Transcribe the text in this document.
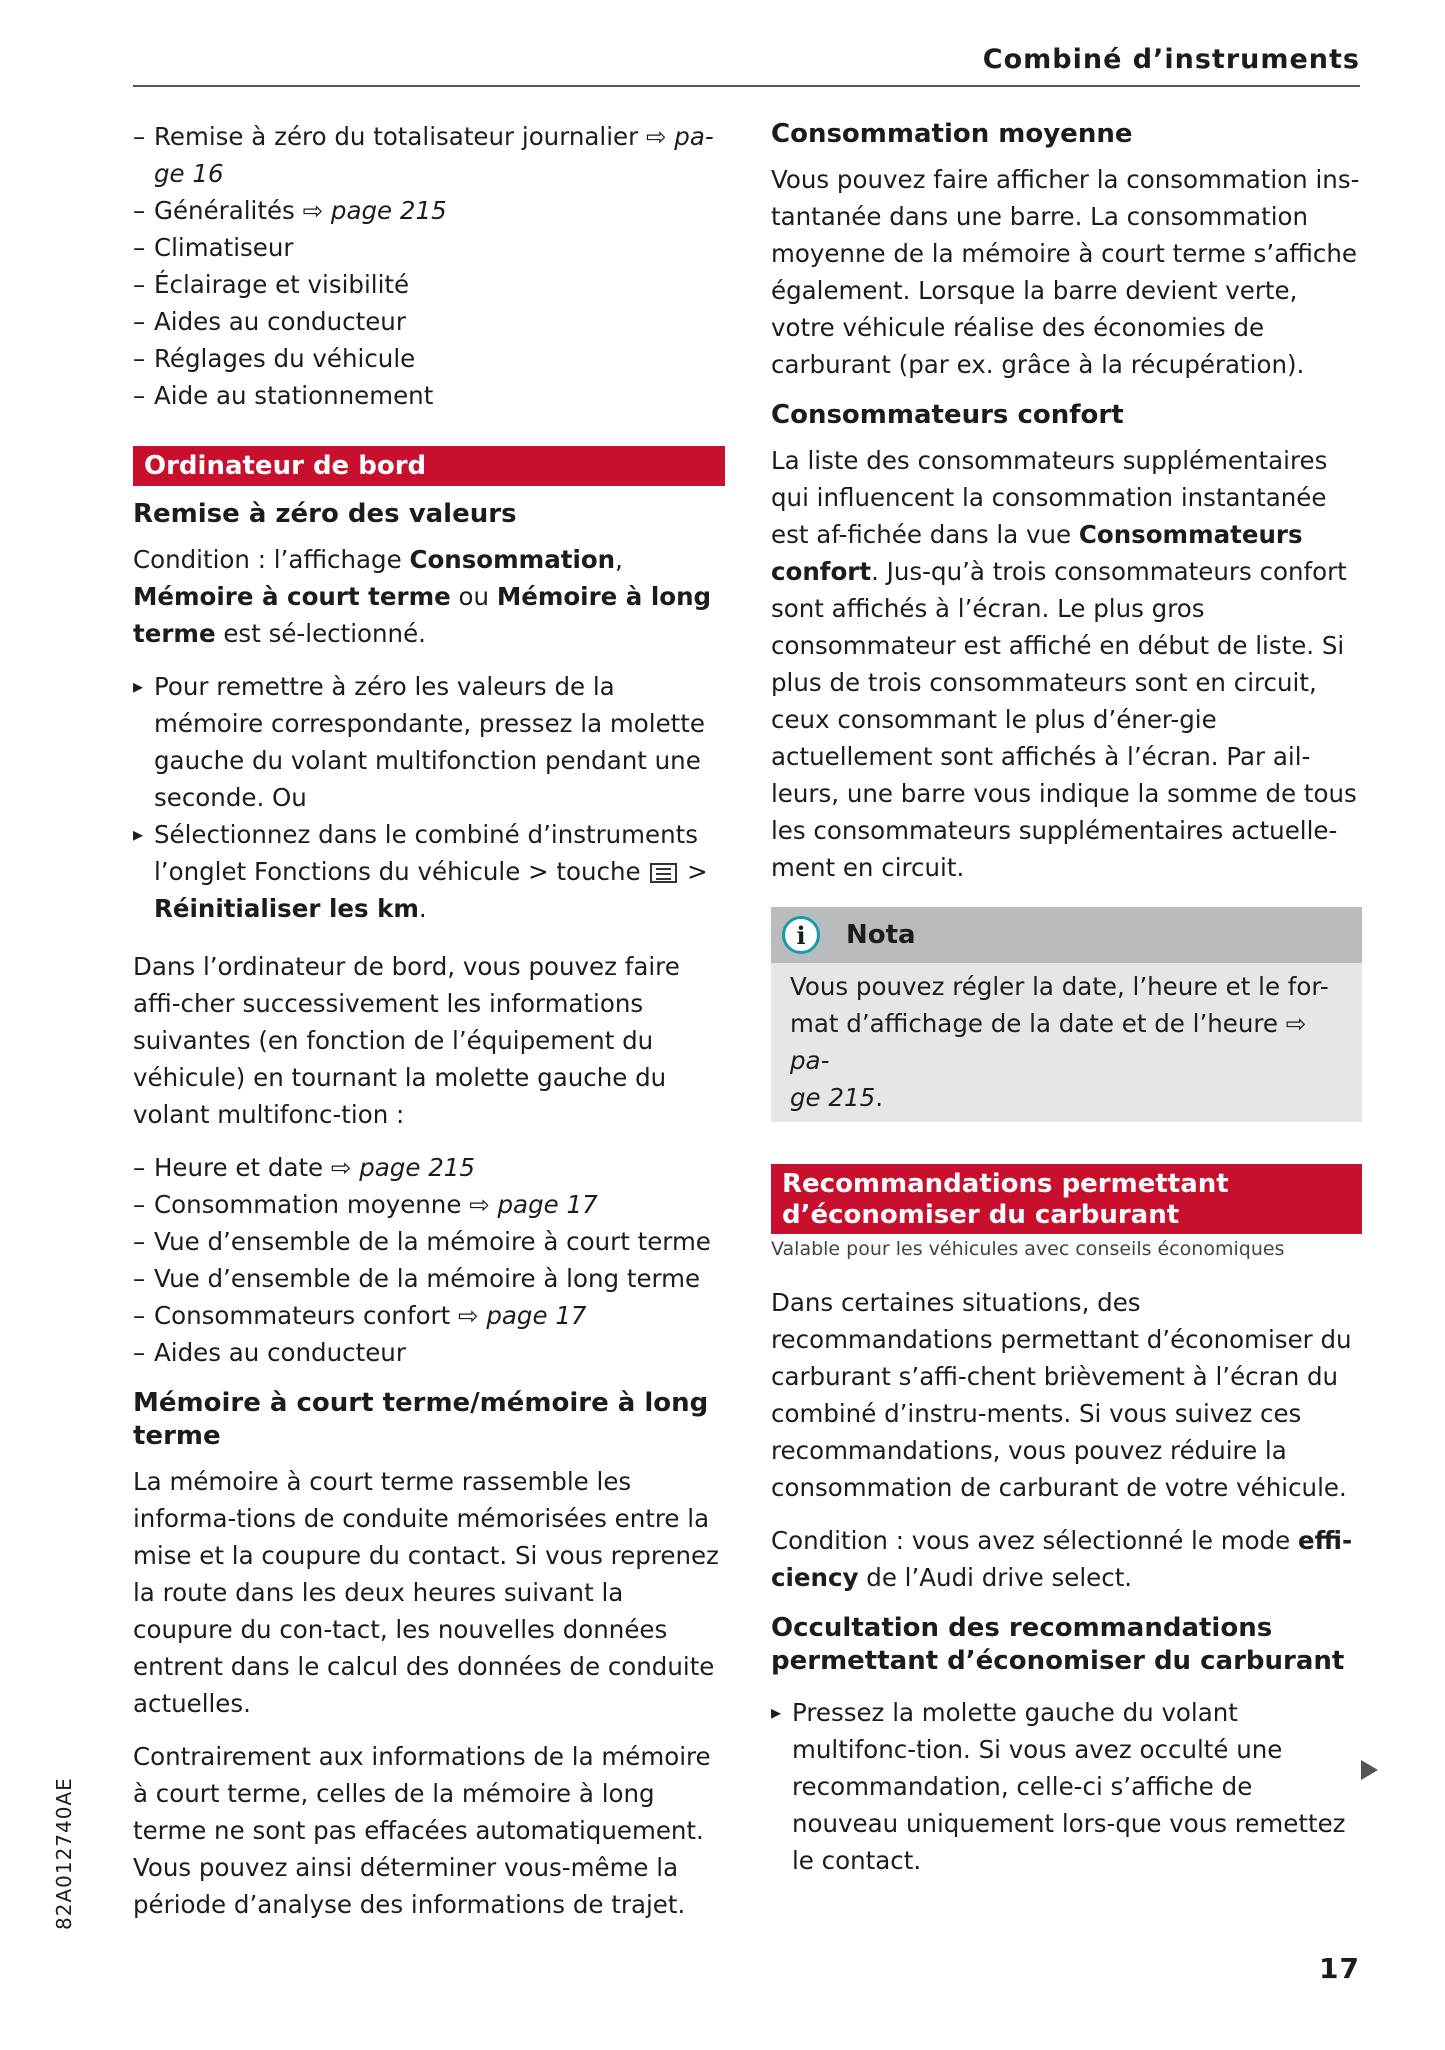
Combiné d’instruments
– Remise à zéro du totalisateur journalier ⇨ pa-
ge 16
– Généralités ⇨ page 215
– Climatiseur
– Éclairage et visibilité
– Aides au conducteur
– Réglages du véhicule
– Aide au stationnement
Ordinateur de bord
Remise à zéro des valeurs

Condition : l’affichage Consommation, Mémoire à court terme ou Mémoire à long terme est sé-lectionné.

▸ Pour remettre à zéro les valeurs de la mémoire correspondante, pressez la molette gauche du volant multifonction pendant une seconde. Ou
▸ Sélectionnez dans le combiné d’instruments l’onglet Fonctions du véhicule > touche  > Réinitialiser les km.

Dans l’ordinateur de bord, vous pouvez faire affi-cher successivement les informations suivantes (en fonction de l’équipement du véhicule) en tournant la molette gauche du volant multifonc-tion :

– Heure et date ⇨ page 215
– Consommation moyenne ⇨ page 17
– Vue d’ensemble de la mémoire à court terme
– Vue d’ensemble de la mémoire à long terme
– Consommateurs confort ⇨ page 17
– Aides au conducteur
Mémoire à court terme/mémoire à long terme

La mémoire à court terme rassemble les informa-tions de conduite mémorisées entre la mise et la coupure du contact. Si vous reprenez la route dans les deux heures suivant la coupure du con-tact, les nouvelles données entrent dans le calcul des données de conduite actuelles.

Contrairement aux informations de la mémoire à court terme, celles de la mémoire à long terme ne sont pas effacées automatiquement. Vous pouvez ainsi déterminer vous-même la période d’analyse des informations de trajet.

Consommation moyenne

Vous pouvez faire afficher la consommation ins-tantanée dans une barre. La consommation moyenne de la mémoire à court terme s’affiche également. Lorsque la barre devient verte, votre véhicule réalise des économies de carburant (par ex. grâce à la récupération).

Consommateurs confort

La liste des consommateurs supplémentaires qui influencent la consommation instantanée est af-fichée dans la vue Consommateurs confort. Jus-qu’à trois consommateurs confort sont affichés à l’écran. Le plus gros consommateur est affiché en début de liste. Si plus de trois consommateurs sont en circuit, ceux consommant le plus d’éner-gie actuellement sont affichés à l’écran. Par ail-leurs, une barre vous indique la somme de tous les consommateurs supplémentaires actuelle-ment en circuit.

i	Nota

Vous pouvez régler la date, l’heure et le for-mat d’affichage de la date et de l’heure ⇨ pa-
ge 215.

Recommandations permettant
d’économiser du carburant
Valable pour les véhicules avec conseils économiques

Dans certaines situations, des recommandations permettant d’économiser du carburant s’affi-chent brièvement à l’écran du combiné d’instru-ments. Si vous suivez ces recommandations, vous pouvez réduire la consommation de carburant de votre véhicule.

Condition : vous avez sélectionné le mode effi-ciency de l’Audi drive select.

Occultation des recommandations permettant d’économiser du carburant
▸ Pressez la molette gauche du volant multifonc-tion. Si vous avez occulté une recommandation, celle-ci s’affiche de nouveau uniquement lors-que vous remettez le contact.
82A012740AE
17
